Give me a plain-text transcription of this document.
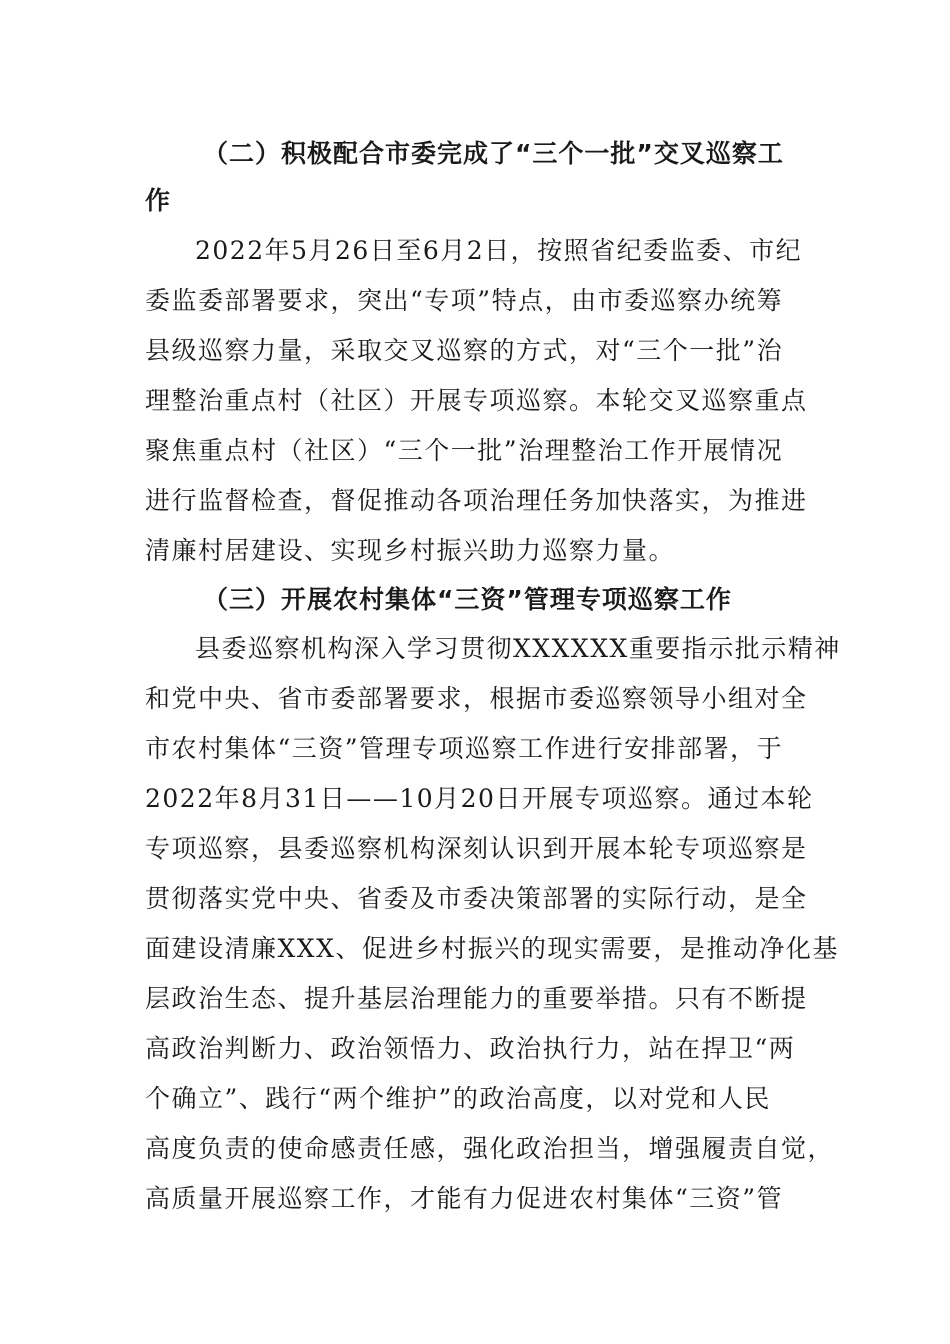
（二）积极配合市委完成了“三个一批”交叉巡察工
作
2022年5月26日至6月2日，按照省纪委监委、市纪
委监委部署要求，突出“专项”特点，由市委巡察办统筹
县级巡察力量，采取交叉巡察的方式，对“三个一批”治
理整治重点村（社区）开展专项巡察。本轮交叉巡察重点
聚焦重点村（社区）“三个一批”治理整治工作开展情况
进行监督检查，督促推动各项治理任务加快落实，为推进
清廉村居建设、实现乡村振兴助力巡察力量。
（三）开展农村集体“三资”管理专项巡察工作
县委巡察机构深入学习贯彻XXXXXX重要指示批示精神
和党中央、省市委部署要求，根据市委巡察领导小组对全
市农村集体“三资”管理专项巡察工作进行安排部署，于
2022年8月31日——10月20日开展专项巡察。通过本轮
专项巡察，县委巡察机构深刻认识到开展本轮专项巡察是
贯彻落实党中央、省委及市委决策部署的实际行动，是全
面建设清廉XXX、促进乡村振兴的现实需要，是推动净化基
层政治生态、提升基层治理能力的重要举措。只有不断提
高政治判断力、政治领悟力、政治执行力，站在捍卫“两
个确立”、践行“两个维护”的政治高度，以对党和人民
高度负责的使命感责任感，强化政治担当，增强履责自觉，
高质量开展巡察工作，才能有力促进农村集体“三资”管
